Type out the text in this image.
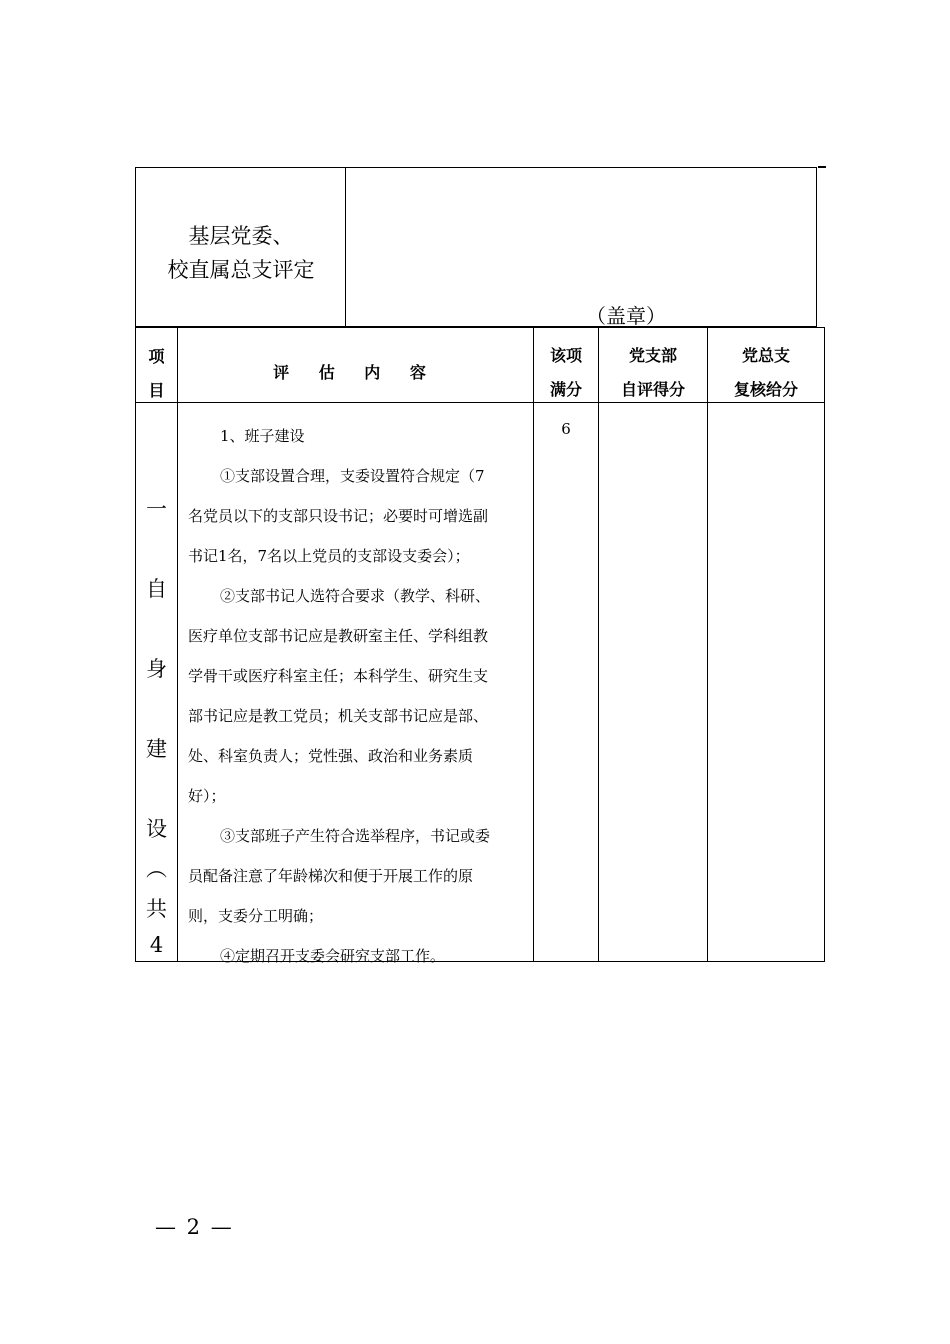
基层党委、
校直属总支评定
（盖章）
项
目
评 估 内 容
该项
满分
党支部
自评得分
党总支
复核给分
一
自
身
建
设
︵
共
4

1、班子建设

①支部设置合理，支委设置符合规定（7

名党员以下的支部只设书记；必要时可增选副

书记1名，7名以上党员的支部设支委会）；

②支部书记人选符合要求（教学、科研、

医疗单位支部书记应是教研室主任、学科组教

学骨干或医疗科室主任；本科学生、研究生支

部书记应是教工党员；机关支部书记应是部、

处、科室负责人；党性强、政治和业务素质

好）；

③支部班子产生符合选举程序，书记或委

员配备注意了年龄梯次和便于开展工作的原

则，支委分工明确；

④定期召开支委会研究支部工作。

6
— 2 —
